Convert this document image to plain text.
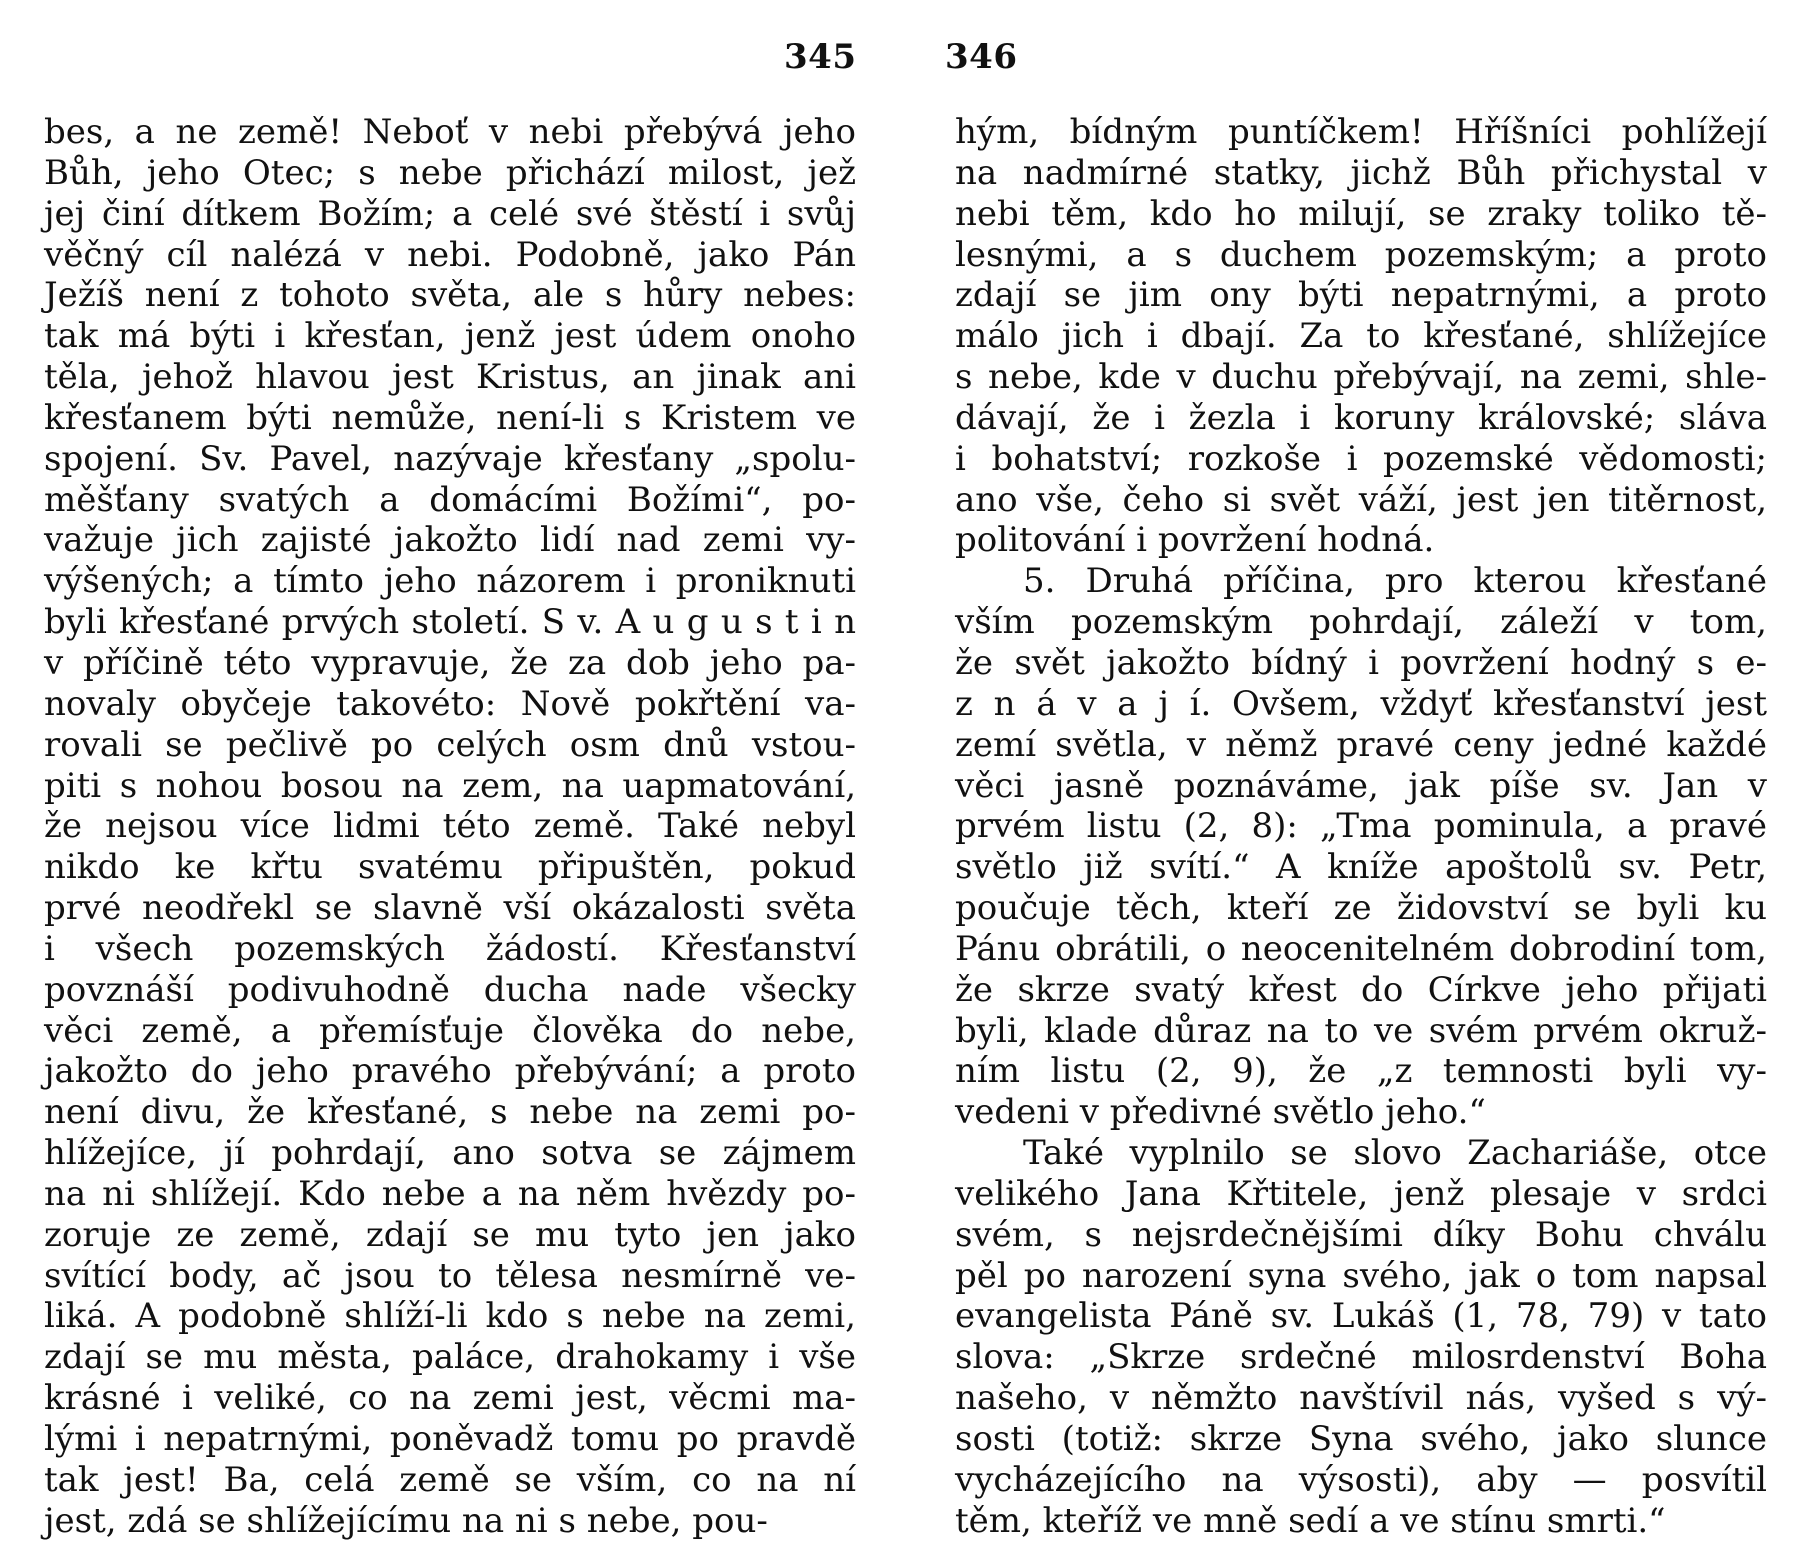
345	346
bes, a ne země! Neboť v nebi přebývá jeho
Bůh, jeho Otec; s nebe přichází milost, jež
jej činí dítkem Božím; a celé své štěstí i svůj
věčný cíl nalézá v nebi. Podobně, jako Pán
Ježíš není z tohoto světa, ale s hůry nebes:
tak má býti i křesťan, jenž jest údem onoho
těla, jehož hlavou jest Kristus, an jinak ani
křesťanem býti nemůže, není-li s Kristem ve
spojení. Sv. Pavel, nazývaje křesťany „spolu-
měšťany svatých a domácími Božími“, po-
važuje jich zajisté jakožto lidí nad zemi vy-
výšených; a tímto jeho názorem i proniknuti
byli křesťané prvých století. S v. A u g u s t i n
v příčině této vypravuje, že za dob jeho pa-
novaly obyčeje takovéto: Nově pokřtění va-
rovali se pečlivě po celých osm dnů vstou-
piti s nohou bosou na zem, na uapmatování,
že nejsou více lidmi této země. Také nebyl
nikdo ke křtu svatému připuštěn, pokud
prvé neodřekl se slavně vší okázalosti světa
i všech pozemských žádostí. Křesťanství
povznáší podivuhodně ducha nade všecky
věci země, a přemísťuje člověka do nebe,
jakožto do jeho pravého přebývání; a proto
není divu, že křesťané, s nebe na zemi po-
hlížejíce, jí pohrdají, ano sotva se zájmem
na ni shlížejí. Kdo nebe a na něm hvězdy po-
zoruje ze země, zdají se mu tyto jen jako
svítící body, ač jsou to tělesa nesmírně ve-
liká. A podobně shlíží-li kdo s nebe na zemi,
zdají se mu města, paláce, drahokamy i vše
krásné i veliké, co na zemi jest, věcmi ma-
lými i nepatrnými, poněvadž tomu po pravdě
tak jest! Ba, celá země se vším, co na ní
jest, zdá se shlížejícímu na ni s nebe, pou-
hým, bídným puntíčkem! Hříšníci pohlížejí
na nadmírné statky, jichž Bůh přichystal v
nebi těm, kdo ho milují, se zraky toliko tě-
lesnými, a s duchem pozemským; a proto
zdají se jim ony býti nepatrnými, a proto
málo jich i dbají. Za to křesťané, shlížejíce
s nebe, kde v duchu přebývají, na zemi, shle-
dávají, že i žezla i koruny královské; sláva
i bohatství; rozkoše i pozemské vědomosti;
ano vše, čeho si svět váží, jest jen titěrnost,
politování i povržení hodná.
5. Druhá příčina, pro kterou křesťané
vším pozemským pohrdají, záleží v tom,
že svět jakožto bídný i povržení hodný s e-
z n á v a j í. Ovšem, vždyť křesťanství jest
zemí světla, v němž pravé ceny jedné každé
věci jasně poznáváme, jak píše sv. Jan v
prvém listu (2, 8): „Tma pominula, a pravé
světlo již svítí.“ A kníže apoštolů sv. Petr,
poučuje těch, kteří ze židovství se byli ku
Pánu obrátili, o neocenitelném dobrodiní tom,
že skrze svatý křest do Církve jeho přijati
byli, klade důraz na to ve svém prvém okruž-
ním listu (2, 9), že „z temnosti byli vy-
vedeni v předivné světlo jeho.“
Také vyplnilo se slovo Zachariáše, otce
velikého Jana Křtitele, jenž plesaje v srdci
svém, s nejsrdečnějšími díky Bohu chválu
pěl po narození syna svého, jak o tom napsal
evangelista Páně sv. Lukáš (1, 78, 79) v tato
slova: „Skrze srdečné milosrdenství Boha
našeho, v němžto navštívil nás, vyšed s vý-
sosti (totiž: skrze Syna svého, jako slunce
vycházejícího na výsosti), aby — posvítil
těm, kteříž ve mně sedí a ve stínu smrti.“
